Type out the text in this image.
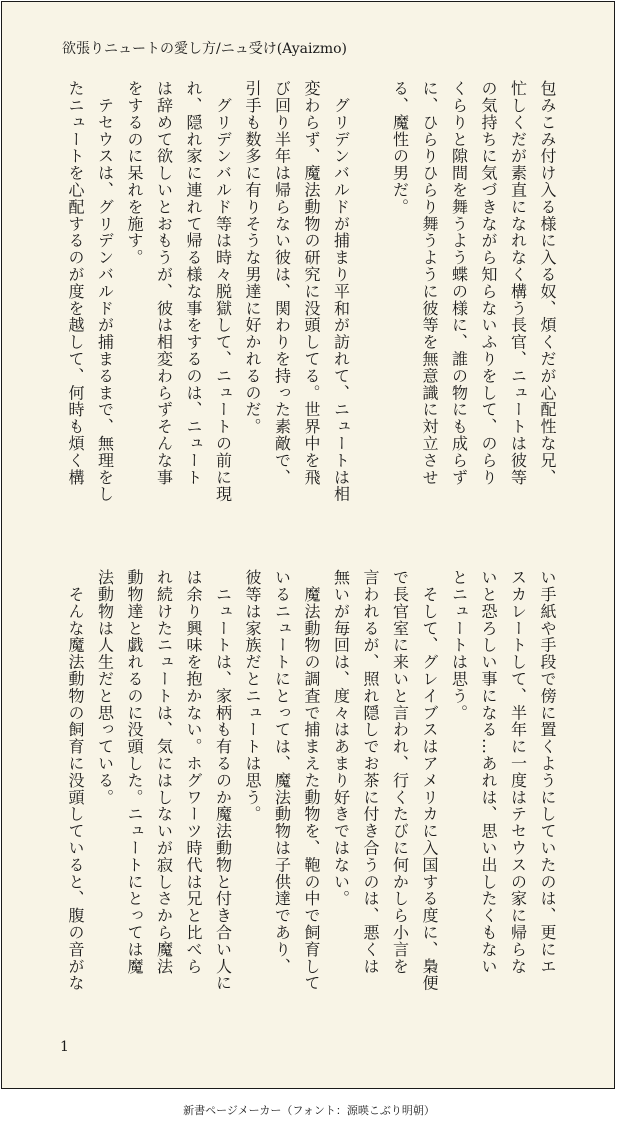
欲張りニュートの愛し方/ニュ受け(Ayaizmo)
包みこみ付け入る様に入る奴、煩くだが心配性な兄、
忙しくだが素直になれなく構う長官、ニュートは彼等
の気持ちに気づきながら知らないふりをして、のらり
くらりと隙間を舞うよう蝶の様に、誰の物にも成らず
に、ひらりひらり舞うように彼等を無意識に対立させ
る、魔性の男だ。
　グリデンバルドが捕まり平和が訪れて、ニュートは相
変わらず、魔法動物の研究に没頭してる。世界中を飛
び回り半年は帰らない彼は、関わりを持った素敵で、
引手も数多に有りそうな男達に好かれるのだ。
　グリデンバルド等は時々脱獄して、ニュートの前に現
れ、隠れ家に連れて帰る様な事をするのは、ニュート
は辞めて欲しいとおもうが、彼は相変わらずそんな事
をするのに呆れを施す。
　テセウスは、グリデンバルドが捕まるまで、無理をし
たニュートを心配するのが度を越して、何時も煩く構
い手紙や手段で傍に置くようにしていたのは、更にエ
スカレートして、半年に一度はテセウスの家に帰らな
いと恐ろしい事になる…あれは、思い出したくもない
とニュートは思う。
　そして、グレイブスはアメリカに入国する度に、梟便
で長官室に来いと言われ、行くたびに何かしら小言を
言われるが、照れ隠しでお茶に付き合うのは、悪くは
無いが毎回は、度々はあまり好きではない。
　魔法動物の調査で捕まえた動物を、鞄の中で飼育して
いるニュートにとっては、魔法動物は子供達であり、
彼等は家族だとニュートは思う。
　ニュートは、家柄も有るのか魔法動物と付き合い人に
は余り興味を抱かない。ホグワーツ時代は兄と比べら
れ続けたニュートは、気にはしないが寂しさから魔法
動物達と戯れるのに没頭した。ニュートにとっては魔
法動物は人生だと思っている。
　そんな魔法動物の飼育に没頭していると、腹の音がな
1
新書ページメーカー（フォント：源暎こぶり明朝）
